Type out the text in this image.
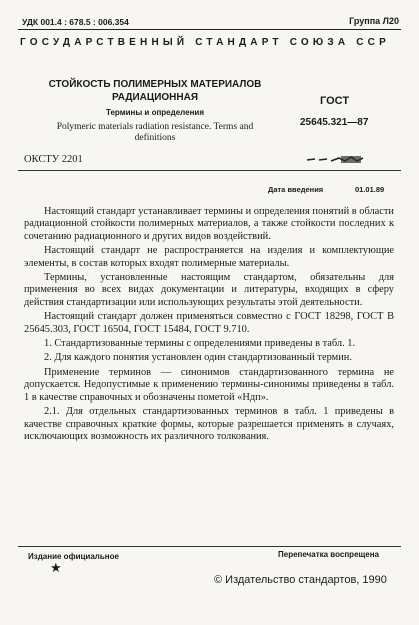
УДК 001.4 : 678.5 : 006.354	Группа Л20
ГОСУДАРСТВЕННЫЙ СТАНДАРТ СОЮЗА ССР
СТОЙКОСТЬ ПОЛИМЕРНЫХ МАТЕРИАЛОВ РАДИАЦИОННАЯ
Термины и определения
Polymeric materials radiation resistance. Terms and definitions
ГОСТ
25645.321—87
ОКСТУ 2201
Дата введения	01.01.89

Настоящий стандарт устанавливает термины и определения понятий в области радиационной стойкости полимерных материалов, а также стойкости последних к сочетанию радиационного и других видов воздействий.

Настоящий стандарт не распространяется на изделия и комплектующие элементы, в состав которых входят полимерные материалы.

Термины, установленные настоящим стандартом, обязательны для применения во всех видах документации и литературы, входящих в сферу действия стандартизации или использующих результаты этой деятельности.

Настоящий стандарт должен применяться совместно с ГОСТ 18298, ГОСТ В 25645.303, ГОСТ 16504, ГОСТ 15484, ГОСТ 9.710.

1. Стандартизованные термины с определениями приведены в табл. 1.

2. Для каждого понятия установлен один стандартизованный термин.

Применение терминов — синонимов стандартизованного термина не допускается. Недопустимые к применению термины-синонимы приведены в табл. 1 в качестве справочных и обозначены пометой «Ндп».

2.1. Для отдельных стандартизованных терминов в табл. 1 приведены в качестве справочных краткие формы, которые разрешается применять в случаях, исключающих возможность их различного толкования.

Издание официальное
★
Перепечатка воспрещена
© Издательство стандартов, 1990
